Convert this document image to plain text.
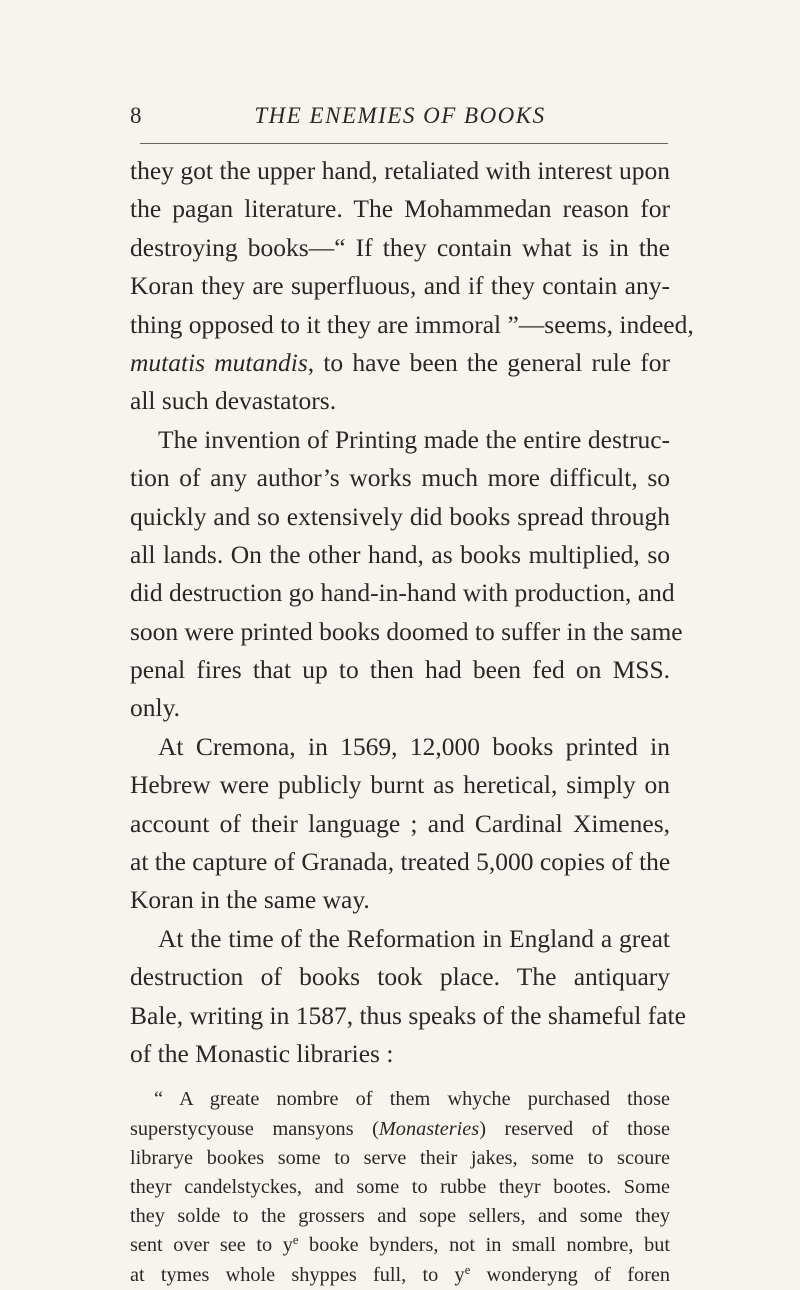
8	THE ENEMIES OF BOOKS
they got the upper hand, retaliated with interest upon
the pagan literature. The Mohammedan reason for
destroying books—“ If they contain what is in the
Koran they are superfluous, and if they contain any-
thing opposed to it they are immoral ”—seems, indeed,
mutatis mutandis, to have been the general rule for
all such devastators.
The invention of Printing made the entire destruc-
tion of any author’s works much more difficult, so
quickly and so extensively did books spread through
all lands. On the other hand, as books multiplied, so
did destruction go hand-in-hand with production, and
soon were printed books doomed to suffer in the same
penal fires that up to then had been fed on MSS.
only.
At Cremona, in 1569, 12,000 books printed in
Hebrew were publicly burnt as heretical, simply on
account of their language ; and Cardinal Ximenes,
at the capture of Granada, treated 5,000 copies of the
Koran in the same way.
At the time of the Reformation in England a great
destruction of books took place. The antiquary
Bale, writing in 1587, thus speaks of the shameful fate
of the Monastic libraries :
“ A greate nombre of them whyche purchased those
superstycyouse mansyons (Monasteries) reserved of those
librarye bookes some to serve their jakes, some to scoure
theyr candelstyckes, and some to rubbe theyr bootes. Some
they solde to the grossers and sope sellers, and some they
sent over see to $y^e$ booke bynders, not in small nombre, but
at tymes whole shyppes full, to $y^e$ wonderyng of foren
